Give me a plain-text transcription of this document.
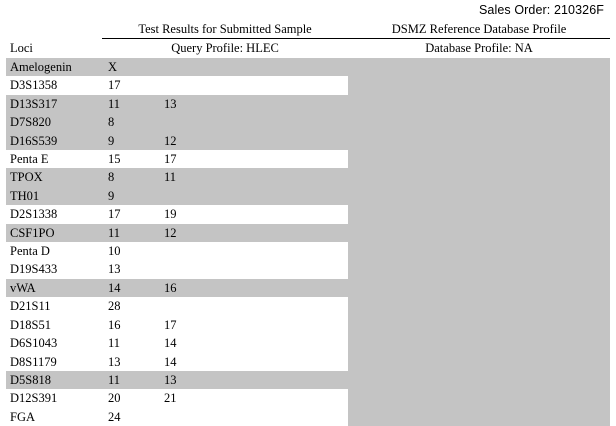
Sales Order: 210326F
	Test Results for Submitted Sample				DSMZ Reference Database Profile
Loci	Query Profile: HLEC				Database Profile: NA
Amelogenin	X				
D3S1358	17				
D13S317	11	13			
D7S820	8				
D16S539	9	12			
Penta E	15	17			
TPOX	8	11			
TH01	9				
D2S1338	17	19			
CSF1PO	11	12			
Penta D	10				
D19S433	13				
vWA	14	16			
D21S11	28				
D18S51	16	17			
D6S1043	11	14			
D8S1179	13	14			
D5S818	11	13			
D12S391	20	21			
FGA	24				
